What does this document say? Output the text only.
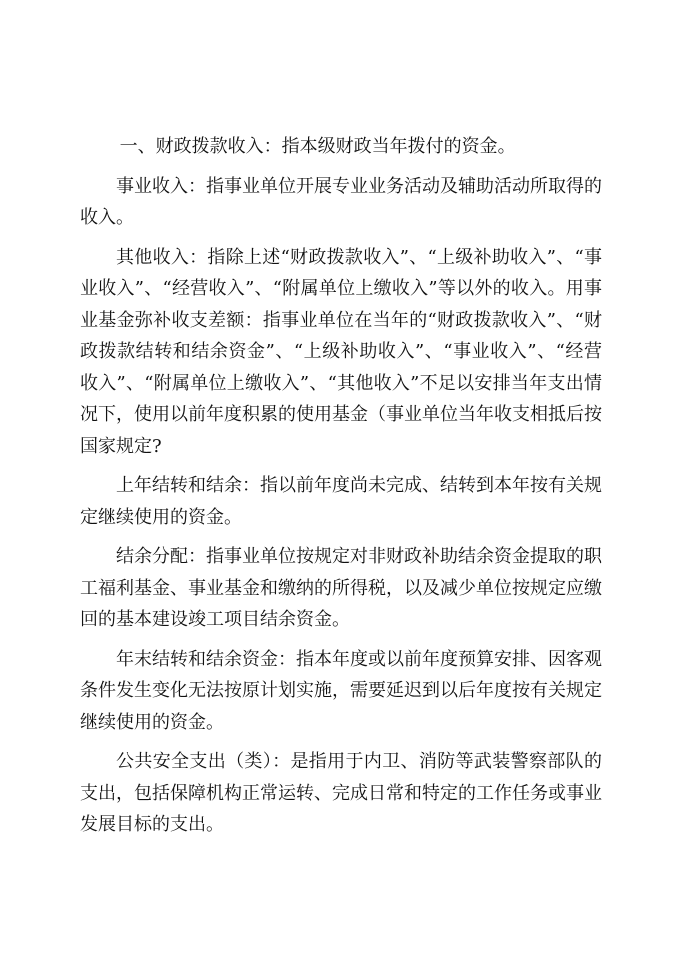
一、财政拨款收入：指本级财政当年拨付的资金。

事业收入：指事业单位开展专业业务活动及辅助活动所取得的收入。

其他收入：指除上述“财政拨款收入”、“上级补助收入”、“事业收入”、“经营收入”、“附属单位上缴收入”等以外的收入。用事业基金弥补收支差额：指事业单位在当年的“财政拨款收入”、“财政拨款结转和结余资金”、“上级补助收入”、“事业收入”、“经营收入”、“附属单位上缴收入”、“其他收入”不足以安排当年支出情况下，使用以前年度积累的使用基金（事业单位当年收支相抵后按国家规定?

上年结转和结余：指以前年度尚未完成、结转到本年按有关规定继续使用的资金。

结余分配：指事业单位按规定对非财政补助结余资金提取的职工福利基金、事业基金和缴纳的所得税，以及减少单位按规定应缴回的基本建设竣工项目结余资金。

年末结转和结余资金：指本年度或以前年度预算安排、因客观条件发生变化无法按原计划实施，需要延迟到以后年度按有关规定继续使用的资金。

公共安全支出（类）：是指用于内卫、消防等武装警察部队的支出，包括保障机构正常运转、完成日常和特定的工作任务或事业发展目标的支出。
